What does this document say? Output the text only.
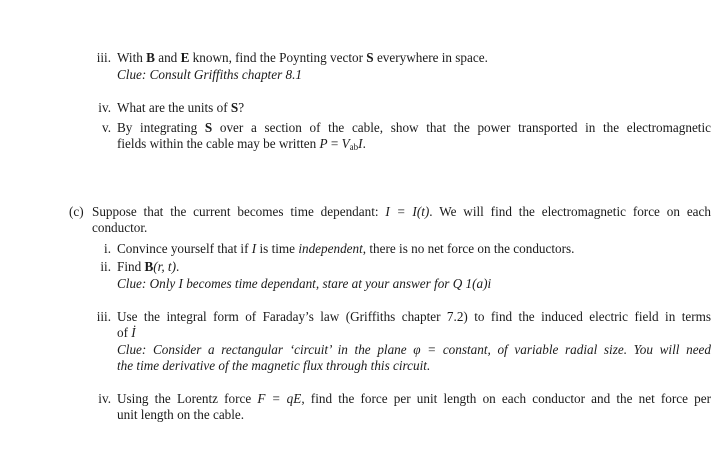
iii. With B and E known, find the Poynting vector S everywhere in space.
Clue: Consult Griffiths chapter 8.1
iv. What are the units of S?
v. By integrating S over a section of the cable, show that the power transported in the electromagnetic
fields within the cable may be written $P = V_{ab}I$.
(c) Suppose that the current becomes time dependant: I = I(t). We will find the electromagnetic force on each
conductor.
i. Convince yourself that if I is time independent, there is no net force on the conductors.
ii. Find B(r, t).
Clue: Only I becomes time dependant, stare at your answer for Q 1(a)i
iii. Use the integral form of Faraday’s law (Griffiths chapter 7.2) to find the induced electric field in terms
of İ
Clue: Consider a rectangular ‘circuit’ in the plane φ = constant, of variable radial size. You will need
the time derivative of the magnetic flux through this circuit.
iv. Using the Lorentz force F = qE, find the force per unit length on each conductor and the net force per
unit length on the cable.
